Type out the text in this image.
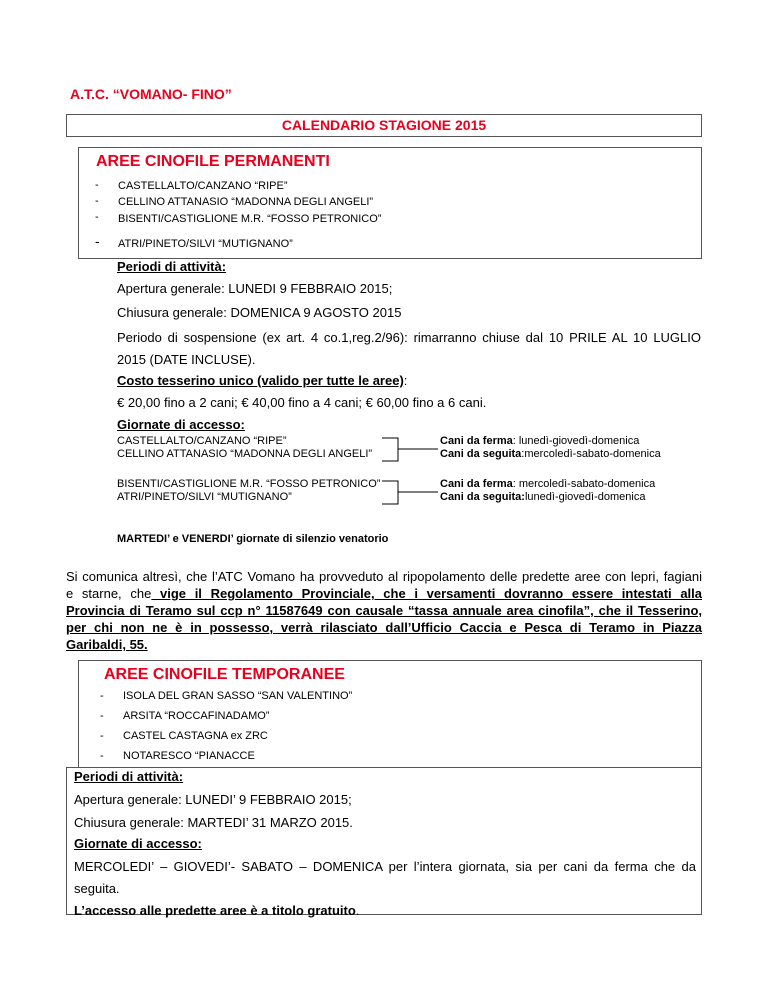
A.T.C. “VOMANO- FINO”
CALENDARIO STAGIONE 2015
AREE CINOFILE PERMANENTI
- CASTELLALTO/CANZANO “RIPE”
- CELLINO ATTANASIO “MADONNA DEGLI ANGELI”
- BISENTI/CASTIGLIONE M.R. “FOSSO PETRONICO”
- ATRI/PINETO/SILVI “MUTIGNANO”
Periodi di attività:
Apertura generale: LUNEDI 9 FEBBRAIO 2015;
Chiusura generale: DOMENICA 9 AGOSTO 2015
Periodo di sospensione (ex art. 4 co.1,reg.2/96): rimarranno chiuse dal 10 PRILE AL 10 LUGLIO
2015 (DATE INCLUSE).
Costo tesserino unico (valido per tutte le aree):
€ 20,00 fino a 2 cani; € 40,00 fino a 4 cani; € 60,00 fino a 6 cani.
Giornate di accesso:
CASTELLALTO/CANZANO “RIPE”
CELLINO ATTANASIO “MADONNA DEGLI ANGELI”
Cani da ferma: lunedì-giovedì-domenica
Cani da seguita:mercoledì-sabato-domenica
BISENTI/CASTIGLIONE M.R. “FOSSO PETRONICO”
ATRI/PINETO/SILVI “MUTIGNANO”
Cani da ferma: mercoledì-sabato-domenica
Cani da seguita:lunedì-giovedì-domenica
MARTEDI’ e VENERDI’ giornate di silenzio venatorio
Si comunica altresì, che l’ATC Vomano ha provveduto al ripopolamento delle predette aree con lepri, fagiani
e starne, che vige il Regolamento Provinciale, che i versamenti dovranno essere intestati alla
Provincia di Teramo sul ccp n° 11587649 con causale “tassa annuale area cinofila”, che il Tesserino,
per chi non ne è in possesso, verrà rilasciato dall’Ufficio Caccia e Pesca di Teramo in Piazza
Garibaldi, 55.
AREE CINOFILE TEMPORANEE
- ISOLA DEL GRAN SASSO “SAN VALENTINO”
- ARSITA “ROCCAFINADAMO”
- CASTEL CASTAGNA ex ZRC
- NOTARESCO “PIANACCE
Periodi di attività:
Apertura generale: LUNEDI’ 9 FEBBRAIO 2015;
Chiusura generale: MARTEDI’ 31 MARZO 2015.
Giornate di accesso:
MERCOLEDI’ – GIOVEDI’- SABATO – DOMENICA per l’intera giornata, sia per cani da ferma che da
seguita.
L’accesso alle predette aree è a titolo gratuito.
